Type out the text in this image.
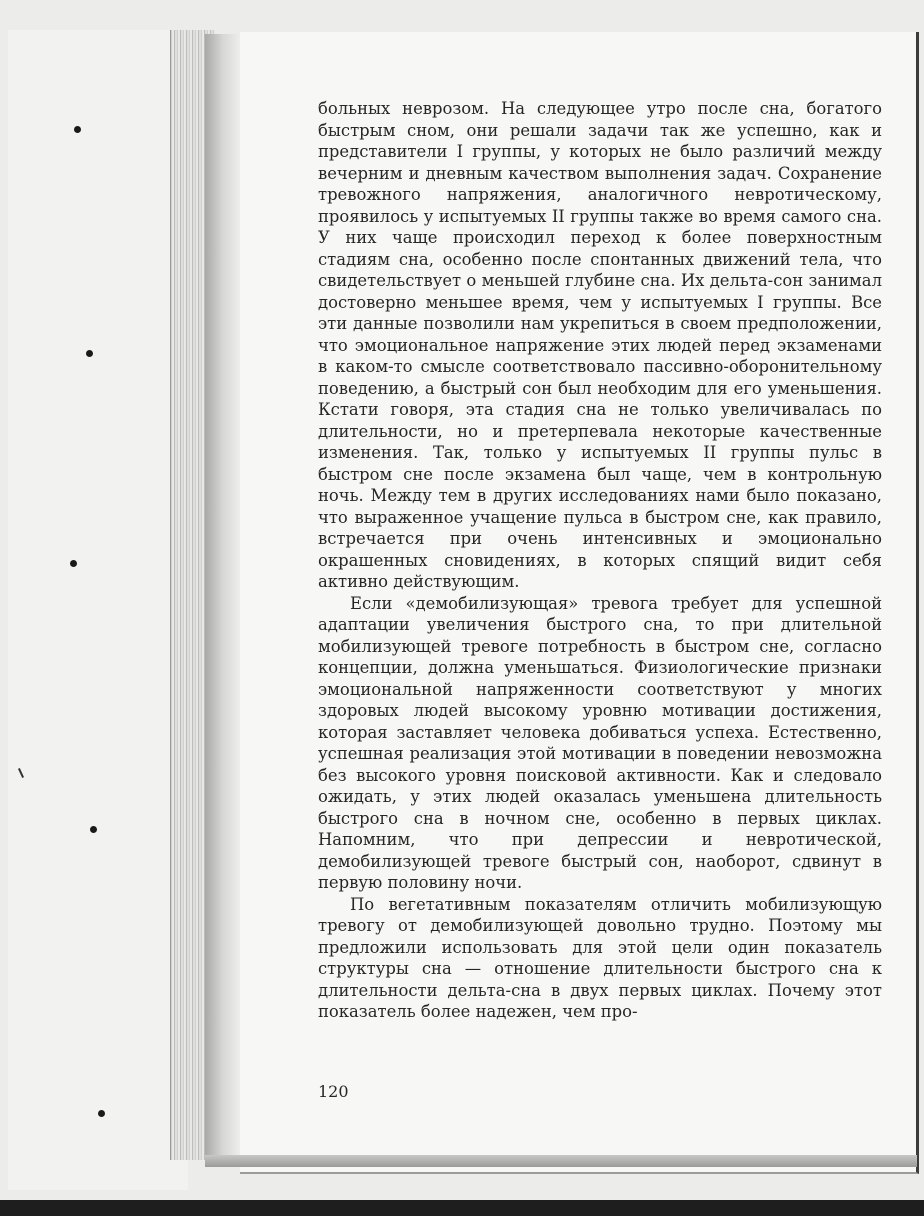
больных неврозом. На следующее утро после сна, богатого быстрым сном, они решали задачи так же успешно, как и представители I группы, у которых не было различий между вечерним и дневным качеством выполнения задач. Сохранение тревожного напряжения, аналогичного невротическому, проявилось у испытуемых II группы также во время самого сна. У них чаще происходил переход к более поверхностным стадиям сна, особенно после спонтанных движений тела, что свидетельствует о меньшей глубине сна. Их дельта-сон занимал достоверно меньшее время, чем у испытуемых I группы. Все эти данные позволили нам укрепиться в своем предположении, что эмоциональное напряжение этих людей перед экзаменами в каком-то смысле соответствовало пассивно-оборонительному поведению, а быстрый сон был необходим для его уменьшения. Кстати говоря, эта стадия сна не только увеличивалась по длительности, но и претерпевала некоторые качественные изменения. Так, только у испытуемых II группы пульс в быстром сне после экзамена был чаще, чем в контрольную ночь. Между тем в других исследованиях нами было показано, что выраженное учащение пульса в быстром сне, как правило, встречается при очень интенсивных и эмоционально окрашенных сновидениях, в которых спящий видит себя активно действующим.

Если «демобилизующая» тревога требует для успешной адаптации увеличения быстрого сна, то при длительной мобилизующей тревоге потребность в быстром сне, согласно концепции, должна уменьшаться. Физиологические признаки эмоциональной напряженности соответствуют у многих здоровых людей высокому уровню мотивации достижения, которая заставляет человека добиваться успеха. Естественно, успешная реализация этой мотивации в поведении невозможна без высокого уровня поисковой активности. Как и следовало ожидать, у этих людей оказалась уменьшена длительность быстрого сна в ночном сне, особенно в первых циклах. Напомним, что при депрессии и невротической, демобилизующей тревоге быстрый сон, наоборот, сдвинут в первую половину ночи.

По вегетативным показателям отличить мобилизующую тревогу от демобилизующей довольно трудно. Поэтому мы предложили использовать для этой цели один показатель структуры сна — отношение длительности быстрого сна к длительности дельта-сна в двух первых циклах. Почему этот показатель более надежен, чем про-

120
